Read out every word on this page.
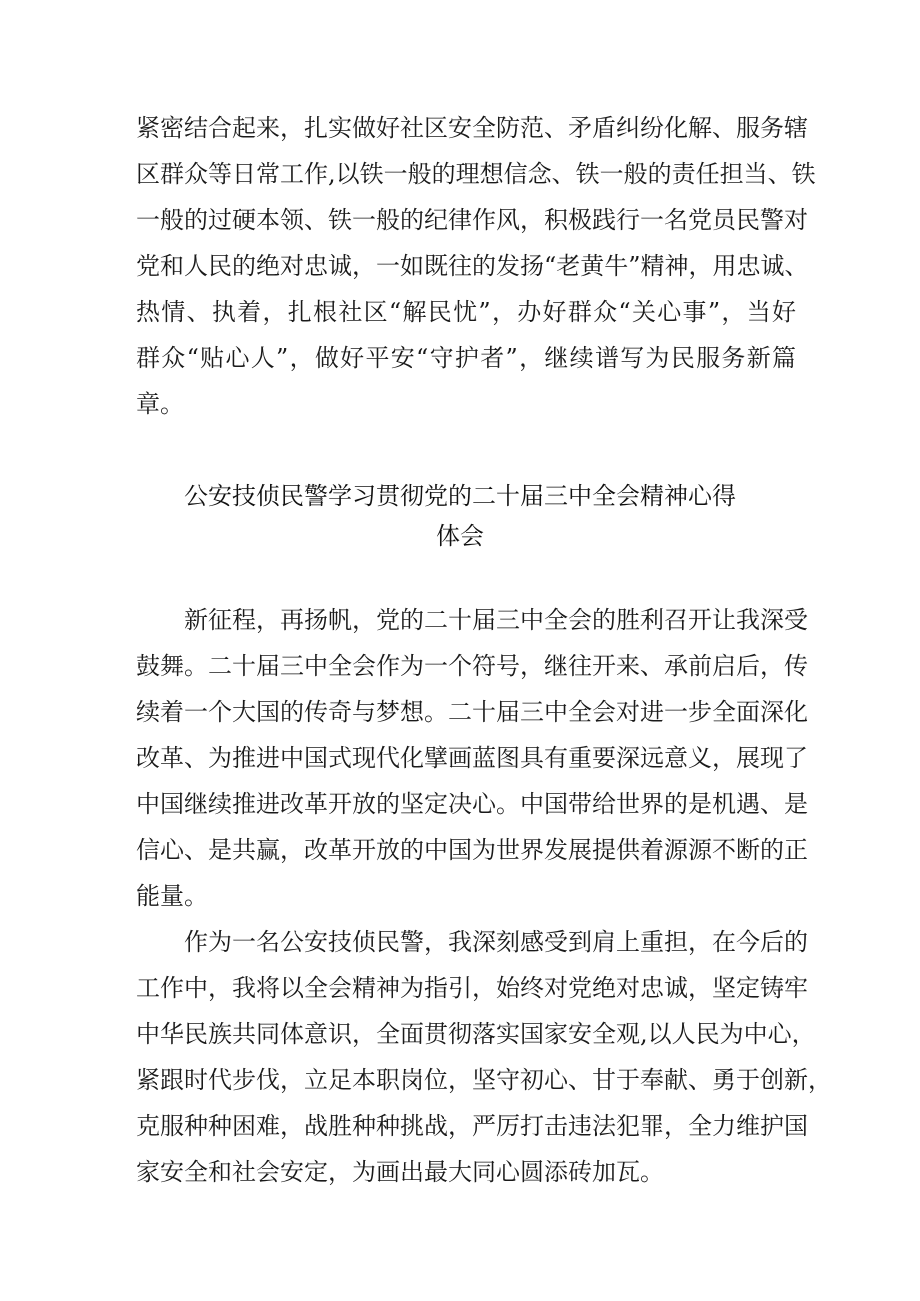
紧密结合起来，扎实做好社区安全防范、矛盾纠纷化解、服务辖
区群众等日常工作,以铁一般的理想信念、铁一般的责任担当、铁
一般的过硬本领、铁一般的纪律作风，积极践行一名党员民警对
党和人民的绝对忠诚，一如既往的发扬“老黄牛”精神，用忠诚、
热情、执着，扎根社区“解民忧”，办好群众“关心事”，当好
群众“贴心人”，做好平安“守护者”，继续谱写为民服务新篇
章。
公安技侦民警学习贯彻党的二十届三中全会精神心得
体会
新征程，再扬帆，党的二十届三中全会的胜利召开让我深受
鼓舞。二十届三中全会作为一个符号，继往开来、承前启后，传
续着一个大国的传奇与梦想。二十届三中全会对进一步全面深化
改革、为推进中国式现代化擘画蓝图具有重要深远意义，展现了
中国继续推进改革开放的坚定决心。中国带给世界的是机遇、是
信心、是共赢，改革开放的中国为世界发展提供着源源不断的正
能量。
作为一名公安技侦民警，我深刻感受到肩上重担，在今后的
工作中，我将以全会精神为指引，始终对党绝对忠诚，坚定铸牢
中华民族共同体意识，全面贯彻落实国家安全观,以人民为中心，
紧跟时代步伐，立足本职岗位，坚守初心、甘于奉献、勇于创新，
克服种种困难，战胜种种挑战，严厉打击违法犯罪，全力维护国
家安全和社会安定，为画出最大同心圆添砖加瓦。
